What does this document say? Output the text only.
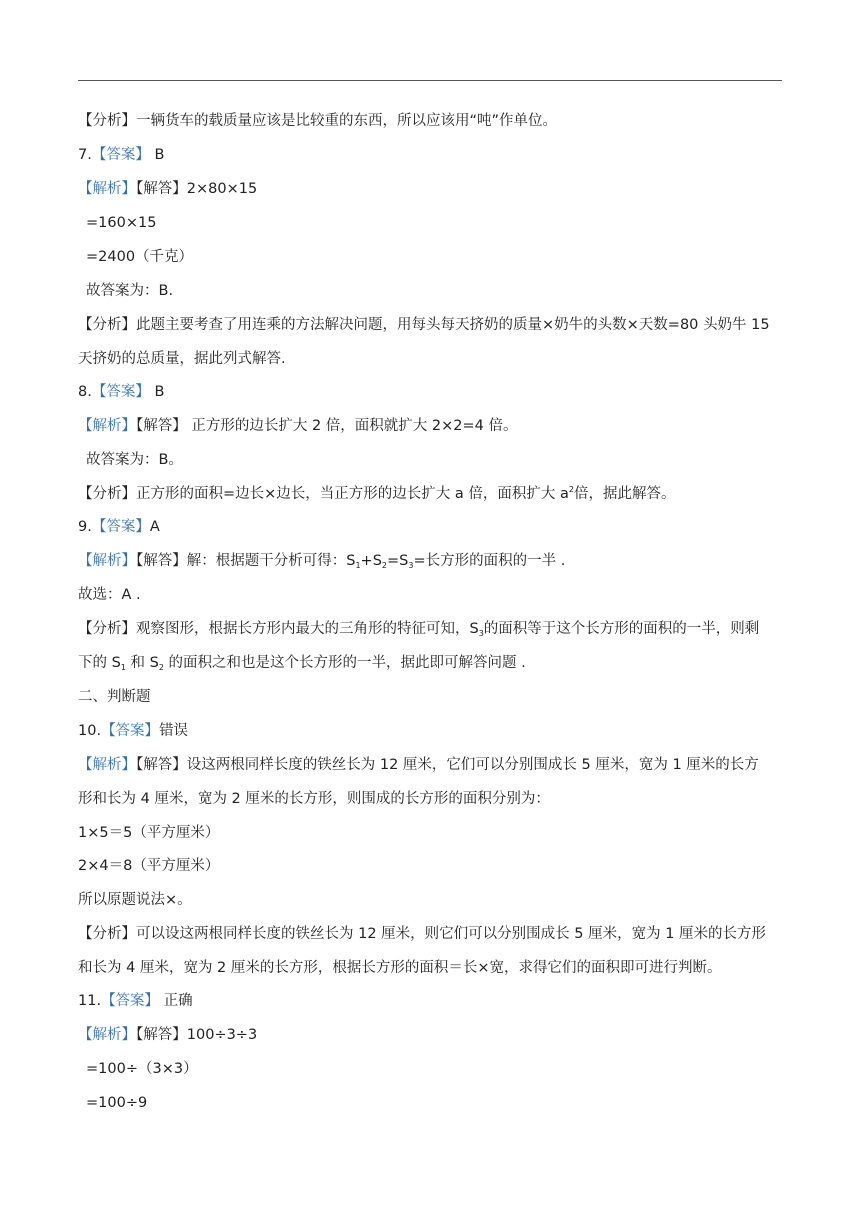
【分析】一辆货车的载质量应该是比较重的东西，所以应该用“吨”作单位。
7.【答案】 B
【解析】【解答】2×80×15
=160×15
=2400（千克）
故答案为：B.
【分析】此题主要考查了用连乘的方法解决问题，用每头每天挤奶的质量×奶牛的头数×天数=80 头奶牛 15
天挤奶的总质量，据此列式解答.
8.【答案】 B
【解析】【解答】 正方形的边长扩大 2 倍，面积就扩大 2×2=4 倍。
故答案为：B。
【分析】正方形的面积=边长×边长，当正方形的边长扩大 a 倍，面积扩大 $a^2$倍，据此解答。
9.【答案】A
【解析】【解答】解：根据题干分析可得：$S_1+S_2=S_3=$长方形的面积的一半 .
故选：A .
【分析】观察图形，根据长方形内最大的三角形的特征可知，$S_3$的面积等于这个长方形的面积的一半，则剩
下的 $S_1$ 和 $S_2$ 的面积之和也是这个长方形的一半，据此即可解答问题 .
二、判断题
10.【答案】错误
【解析】【解答】设这两根同样长度的铁丝长为 12 厘米，它们可以分别围成长 5 厘米，宽为 1 厘米的长方
形和长为 4 厘米，宽为 2 厘米的长方形，则围成的长方形的面积分别为：
1×5＝5（平方厘米）
2×4＝8（平方厘米）
所以原题说法×。
【分析】可以设这两根同样长度的铁丝长为 12 厘米，则它们可以分别围成长 5 厘米，宽为 1 厘米的长方形
和长为 4 厘米，宽为 2 厘米的长方形，根据长方形的面积＝长×宽，求得它们的面积即可进行判断。
11.【答案】 正确
【解析】【解答】100÷3÷3
=100÷（3×3）
=100÷9
